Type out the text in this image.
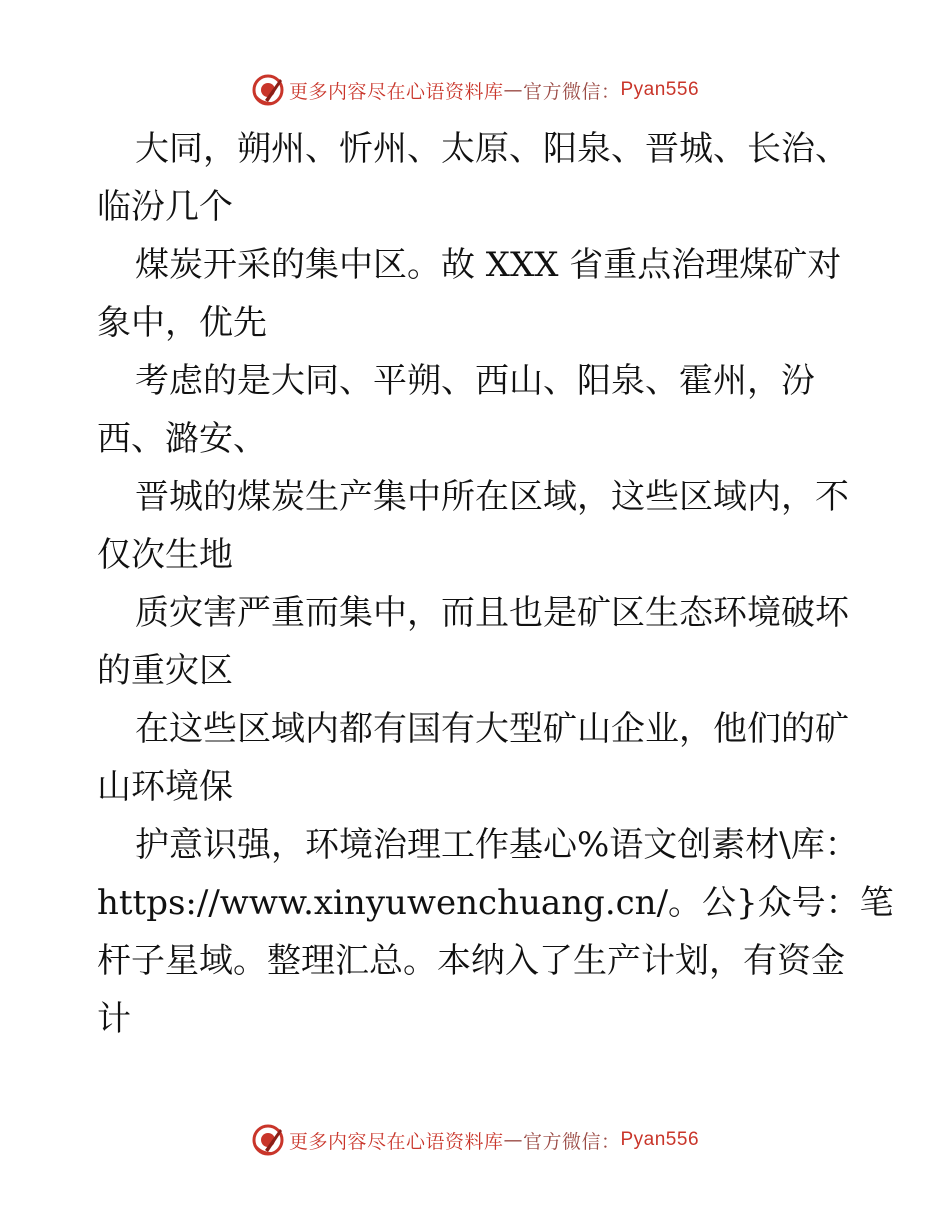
更多内容尽在心语资料库 — 官方微信： Pyan556
大同，朔州、忻州、太原、阳泉、晋城、长治、
临汾几个
煤炭开采的集中区。故 XXX 省重点治理煤矿对
象中，优先
考虑的是大同、平朔、西山、阳泉、霍州，汾
西、潞安、
晋城的煤炭生产集中所在区域，这些区域内，不
仅次生地
质灾害严重而集中，而且也是矿区生态环境破坏
的重灾区
在这些区域内都有国有大型矿山企业，他们的矿
山环境保
护意识强，环境治理工作基心%语文创素材\库：
https://www.xinyuwenchuang.cn/。公}众号：笔
杆子星域。整理汇总。本纳入了生产计划，有资金
计
更多内容尽在心语资料库 — 官方微信： Pyan556
